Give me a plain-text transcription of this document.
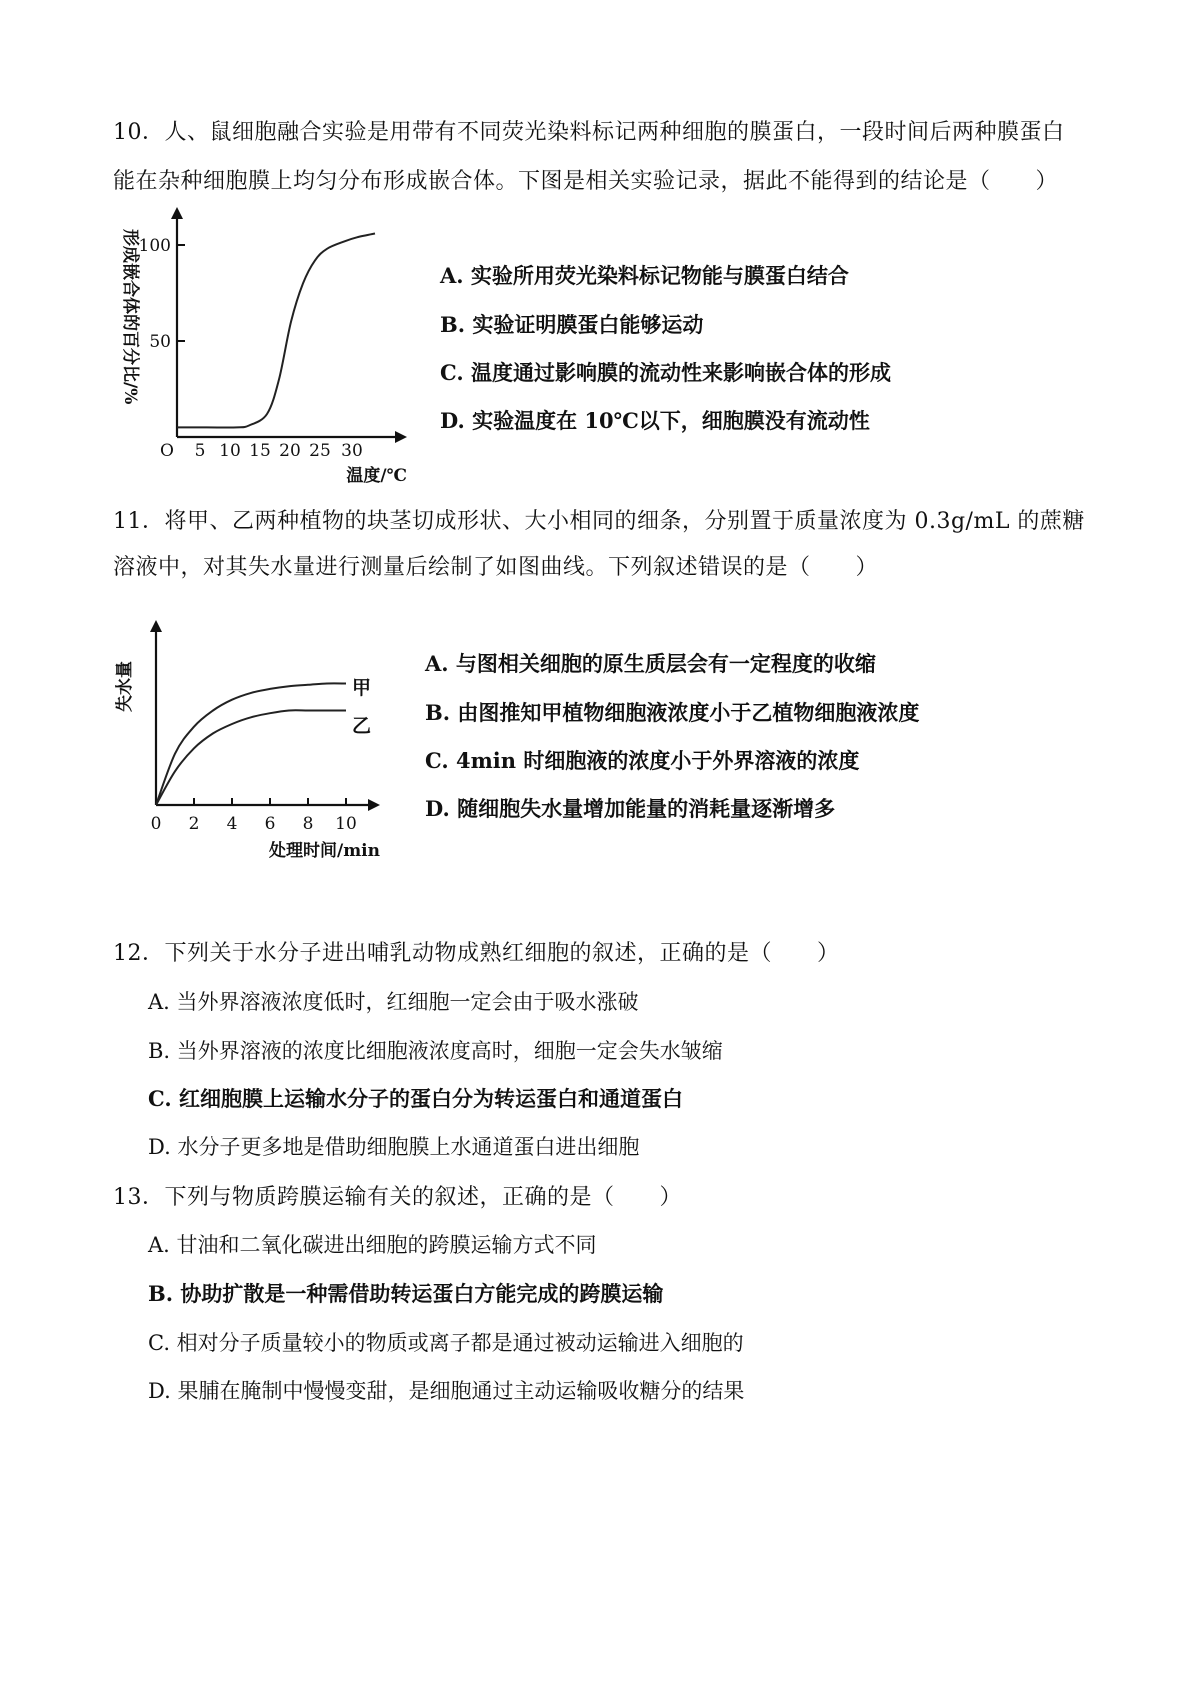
10．人、鼠细胞融合实验是用带有不同荧光染料标记两种细胞的膜蛋白，一段时间后两种膜蛋白
能在杂种细胞膜上均匀分布形成嵌合体。下图是相关实验记录，据此不能得到的结论是（　　）
100
50
O 5 10 15 20 25 30
温度/℃
形成嵌合体的百分比/%	A. 实验所用荧光染料标记物能与膜蛋白结合
B. 实验证明膜蛋白能够运动
C. 温度通过影响膜的流动性来影响嵌合体的形成
D. 实验温度在 10℃以下，细胞膜没有流动性
11．将甲、乙两种植物的块茎切成形状、大小相同的细条，分别置于质量浓度为 0.3g/mL 的蔗糖
溶液中，对其失水量进行测量后绘制了如图曲线。下列叙述错误的是（　　）
0 2 4 6 8 10
处理时间/min
失水量	甲
乙
A. 与图相关细胞的原生质层会有一定程度的收缩
B. 由图推知甲植物细胞液浓度小于乙植物细胞液浓度
C. 4min 时细胞液的浓度小于外界溶液的浓度
D. 随细胞失水量增加能量的消耗量逐渐增多
12．下列关于水分子进出哺乳动物成熟红细胞的叙述，正确的是（　　）
A. 当外界溶液浓度低时，红细胞一定会由于吸水涨破
B. 当外界溶液的浓度比细胞液浓度高时，细胞一定会失水皱缩
C. 红细胞膜上运输水分子的蛋白分为转运蛋白和通道蛋白
D. 水分子更多地是借助细胞膜上水通道蛋白进出细胞
13．下列与物质跨膜运输有关的叙述，正确的是（　　）
A. 甘油和二氧化碳进出细胞的跨膜运输方式不同
B. 协助扩散是一种需借助转运蛋白方能完成的跨膜运输
C. 相对分子质量较小的物质或离子都是通过被动运输进入细胞的
D. 果脯在腌制中慢慢变甜，是细胞通过主动运输吸收糖分的结果
